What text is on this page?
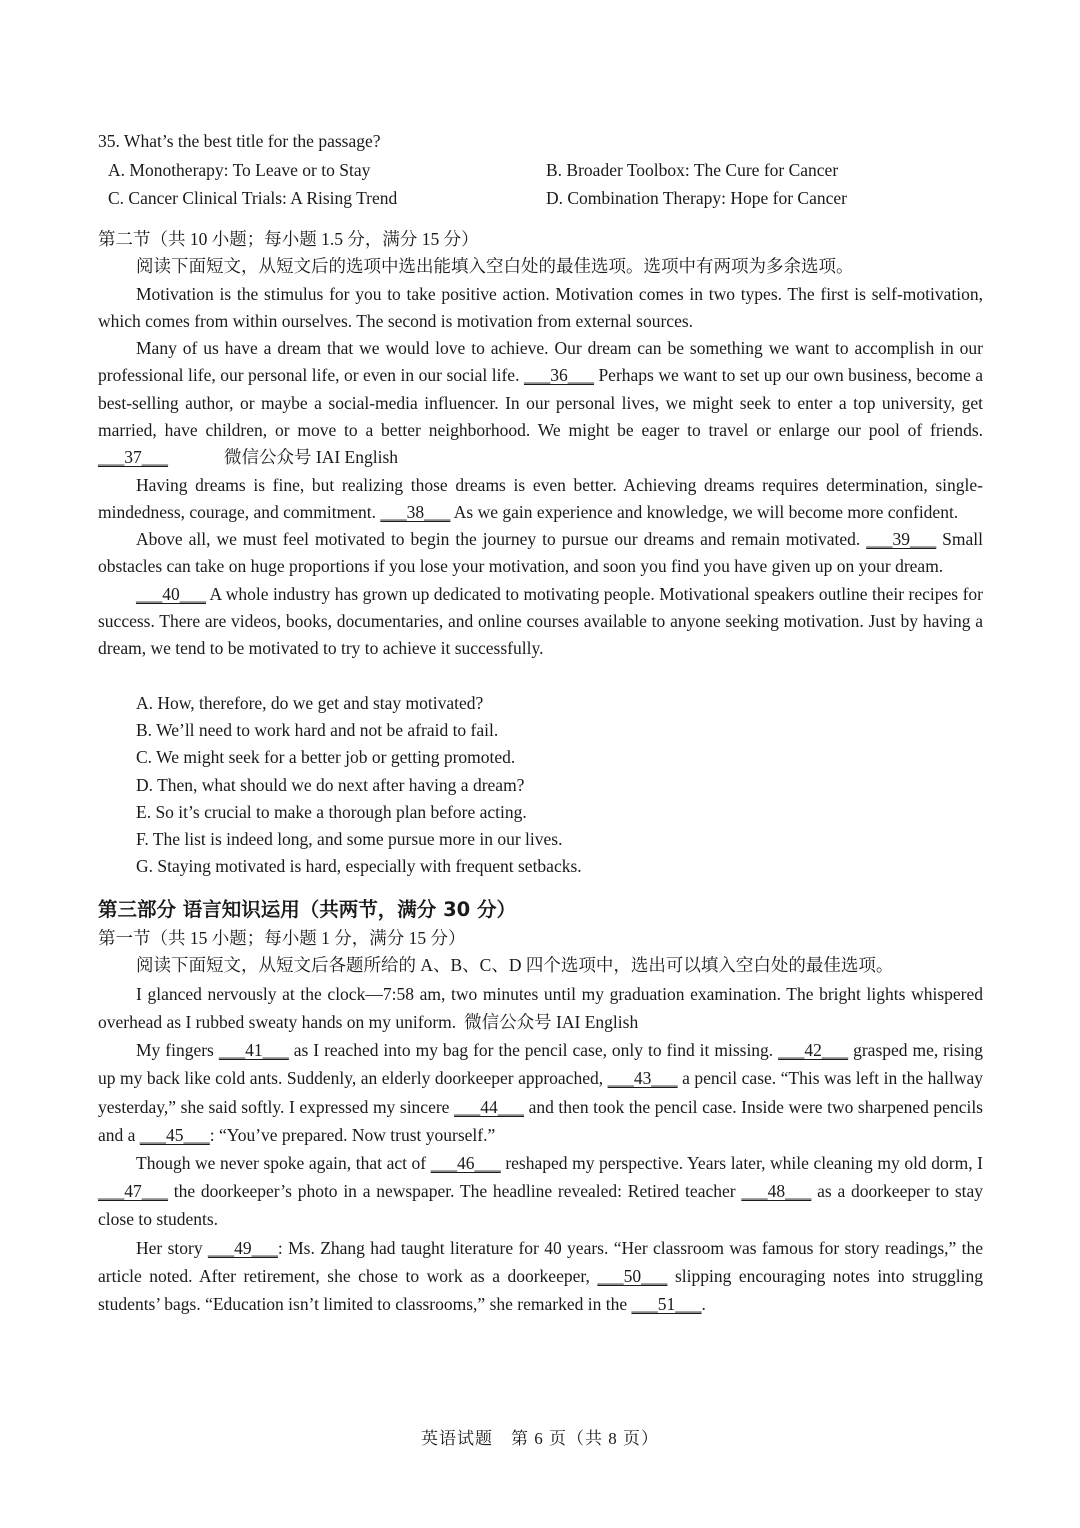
35. What’s the best title for the passage?
A. Monotherapy: To Leave or to Stay	B. Broader Toolbox: The Cure for Cancer
C. Cancer Clinical Trials: A Rising Trend	D. Combination Therapy: Hope for Cancer
第二节（共 10 小题；每小题 1.5 分，满分 15 分）
阅读下面短文，从短文后的选项中选出能填入空白处的最佳选项。选项中有两项为多余选项。
Motivation is the stimulus for you to take positive action. Motivation comes in two types. The first is self-motivation, which comes from within ourselves. The second is motivation from external sources.
Many of us have a dream that we would love to achieve. Our dream can be something we want to accomplish in our professional life, our personal life, or even in our social life. ___36___ Perhaps we want to set up our own business, become a best-selling author, or maybe a social-media influencer. In our personal lives, we might seek to enter a top university, get married, have children, or move to a better neighborhood. We might be eager to travel or enlarge our pool of friends. ___37___	微信公众号 IAI English
Having dreams is fine, but realizing those dreams is even better. Achieving dreams requires determination, single-mindedness, courage, and commitment. ___38___ As we gain experience and knowledge, we will become more confident.
Above all, we must feel motivated to begin the journey to pursue our dreams and remain motivated. ___39___ Small obstacles can take on huge proportions if you lose your motivation, and soon you find you have given up on your dream.
___40___ A whole industry has grown up dedicated to motivating people. Motivational speakers outline their recipes for success. There are videos, books, documentaries, and online courses available to anyone seeking motivation. Just by having a dream, we tend to be motivated to try to achieve it successfully.
A. How, therefore, do we get and stay motivated?
B. We’ll need to work hard and not be afraid to fail.
C. We might seek for a better job or getting promoted.
D. Then, what should we do next after having a dream?
E. So it’s crucial to make a thorough plan before acting.
F. The list is indeed long, and some pursue more in our lives.
G. Staying motivated is hard, especially with frequent setbacks.
第三部分 语言知识运用（共两节，满分 30 分）
第一节（共 15 小题；每小题 1 分，满分 15 分）
阅读下面短文，从短文后各题所给的 A、B、C、D 四个选项中，选出可以填入空白处的最佳选项。
I glanced nervously at the clock—7:58 am, two minutes until my graduation examination. The bright lights whispered overhead as I rubbed sweaty hands on my uniform. 微信公众号 IAI English
My fingers ___41___ as I reached into my bag for the pencil case, only to find it missing. ___42___ grasped me, rising up my back like cold ants. Suddenly, an elderly doorkeeper approached, ___43___ a pencil case. “This was left in the hallway yesterday,” she said softly. I expressed my sincere ___44___ and then took the pencil case. Inside were two sharpened pencils and a ___45___: “You’ve prepared. Now trust yourself.”
Though we never spoke again, that act of ___46___ reshaped my perspective. Years later, while cleaning my old dorm, I ___47___ the doorkeeper’s photo in a newspaper. The headline revealed: Retired teacher ___48___ as a doorkeeper to stay close to students.
Her story ___49___: Ms. Zhang had taught literature for 40 years. “Her classroom was famous for story readings,” the article noted. After retirement, she chose to work as a doorkeeper, ___50___ slipping encouraging notes into struggling students’ bags. “Education isn’t limited to classrooms,” she remarked in the ___51___.
英语试题　第 6 页（共 8 页）
